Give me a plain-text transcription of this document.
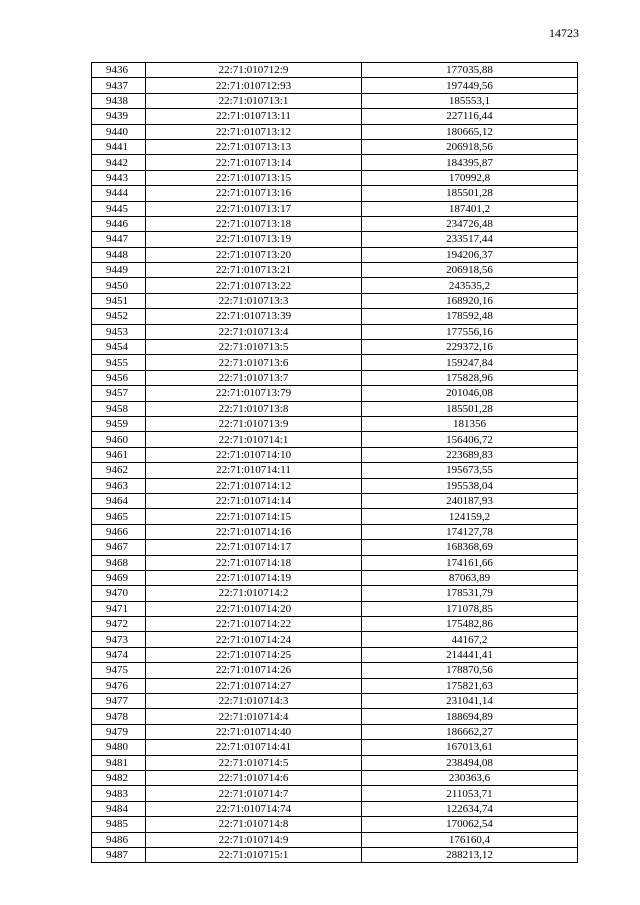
14723
9436	22:71:010712:9	177035,88
9437	22:71:010712:93	197449,56
9438	22:71:010713:1	185553,1
9439	22:71:010713:11	227116,44
9440	22:71:010713:12	180665,12
9441	22:71:010713:13	206918,56
9442	22:71:010713:14	184395,87
9443	22:71:010713:15	170992,8
9444	22:71:010713:16	185501,28
9445	22:71:010713:17	187401,2
9446	22:71:010713:18	234726,48
9447	22:71:010713:19	233517,44
9448	22:71:010713:20	194206,37
9449	22:71:010713:21	206918,56
9450	22:71:010713:22	243535,2
9451	22:71:010713:3	168920,16
9452	22:71:010713:39	178592,48
9453	22:71:010713:4	177556,16
9454	22:71:010713:5	229372,16
9455	22:71:010713:6	159247,84
9456	22:71:010713:7	175828,96
9457	22:71:010713:79	201046,08
9458	22:71:010713:8	185501,28
9459	22:71:010713:9	181356
9460	22:71:010714:1	156406,72
9461	22:71:010714:10	223689,83
9462	22:71:010714:11	195673,55
9463	22:71:010714:12	195538,04
9464	22:71:010714:14	240187,93
9465	22:71:010714:15	124159,2
9466	22:71:010714:16	174127,78
9467	22:71:010714:17	168368,69
9468	22:71:010714:18	174161,66
9469	22:71:010714:19	87063,89
9470	22:71:010714:2	178531,79
9471	22:71:010714:20	171078,85
9472	22:71:010714:22	175482,86
9473	22:71:010714:24	44167,2
9474	22:71:010714:25	214441,41
9475	22:71:010714:26	178870,56
9476	22:71:010714:27	175821,63
9477	22:71:010714:3	231041,14
9478	22:71:010714:4	188694,89
9479	22:71:010714:40	186662,27
9480	22:71:010714:41	167013,61
9481	22:71:010714:5	238494,08
9482	22:71:010714:6	230363,6
9483	22:71:010714:7	211053,71
9484	22:71:010714:74	122634,74
9485	22:71:010714:8	170062,54
9486	22:71:010714:9	176160,4
9487	22:71:010715:1	288213,12
